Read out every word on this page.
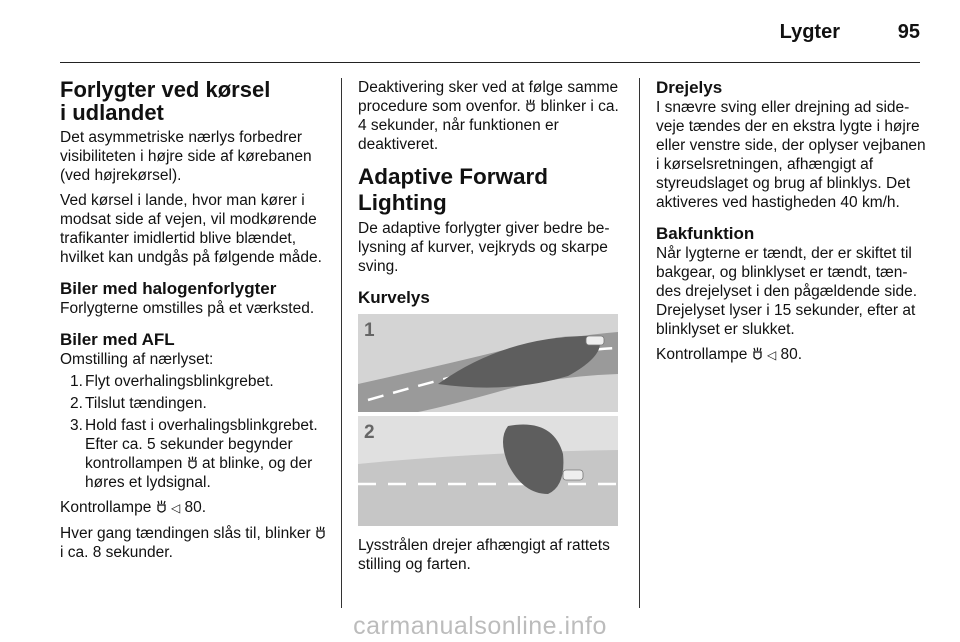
Lygter	95
Forlygter ved kørsel
i udlandet

Det asymmetriske nærlys forbedrer visibiliteten i højre side af kørebanen (ved højrekørsel).

Ved kørsel i lande, hvor man kører i modsat side af vejen, vil modkørende trafikanter imidlertid blive blændet, hvilket kan undgås på følgende måde.

Biler med halogenforlygter

Forlygterne omstilles på et værksted.

Biler med AFL

Omstilling af nærlyset:

1. Flyt overhalingsblinkgrebet.
2. Tilslut tændingen.
3. Hold fast i overhalingsblinkgrebet. Efter ca. 5 sekunder begynder kontrollampen at blinke, og der høres et lydsignal.

Kontrollampe ◁ 80.

Hver gang tændingen slås til, blinker  i ca. 8 sekunder.

Deaktivering sker ved at følge samme procedure som ovenfor. blinker i ca. 4 sekunder, når funktionen er deaktiveret.

Adaptive Forward Lighting

De adaptive forlygter giver bedre belysning af kurver, vejkryds og skarpe sving.

Kurvelys
1
2

Lysstrålen drejer afhængigt af rattets stilling og farten.

Drejelys

I snævre sving eller drejning ad sideveje tændes der en ekstra lygte i højre eller venstre side, der oplyser vejbanen i kørselsretningen, afhængigt af styreudslaget og brug af blinklys. Det aktiveres ved hastigheden 40 km/h.

Bakfunktion

Når lygterne er tændt, der er skiftet til bakgear, og blinklyset er tændt, tændes drejelyset i den pågældende side. Drejelyset lyser i 15 sekunder, efter at blinklyset er slukket.

Kontrollampe ◁ 80.

carmanualsonline.info
